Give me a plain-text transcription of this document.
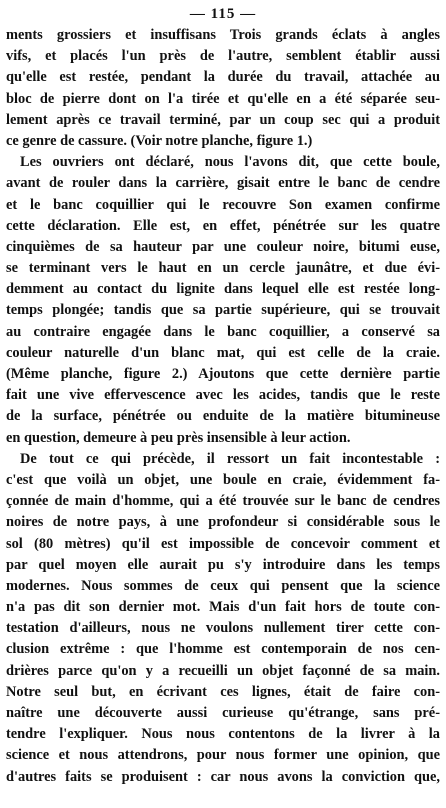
— 115 —
ments grossiers et insuffisans Trois grands éclats à angles
vifs, et placés l'un près de l'autre, semblent établir aussi
qu'elle est restée, pendant la durée du travail, attachée au
bloc de pierre dont on l'a tirée et qu'elle en a été séparée seu-
lement après ce travail terminé, par un coup sec qui a produit
ce genre de cassure. (Voir notre planche, figure 1.)
Les ouvriers ont déclaré, nous l'avons dit, que cette boule,
avant de rouler dans la carrière, gisait entre le banc de cendre
et le banc coquillier qui le recouvre Son examen confirme
cette déclaration. Elle est, en effet, pénétrée sur les quatre
cinquièmes de sa hauteur par une couleur noire, bitumi euse,
se terminant vers le haut en un cercle jaunâtre, et due évi-
demment au contact du lignite dans lequel elle est restée long-
temps plongée; tandis que sa partie supérieure, qui se trouvait
au contraire engagée dans le banc coquillier, a conservé sa
couleur naturelle d'un blanc mat, qui est celle de la craie.
(Même planche, figure 2.) Ajoutons que cette dernière partie
fait une vive effervescence avec les acides, tandis que le reste
de la surface, pénétrée ou enduite de la matière bitumineuse
en question, demeure à peu près insensible à leur action.
De tout ce qui précède, il ressort un fait incontestable :
c'est que voilà un objet, une boule en craie, évidemment fa-
çonnée de main d'homme, qui a été trouvée sur le banc de cendres
noires de notre pays, à une profondeur si considérable sous le
sol (80 mètres) qu'il est impossible de concevoir comment et
par quel moyen elle aurait pu s'y introduire dans les temps
modernes. Nous sommes de ceux qui pensent que la science
n'a pas dit son dernier mot. Mais d'un fait hors de toute con-
testation d'ailleurs, nous ne voulons nullement tirer cette con-
clusion extrême : que l'homme est contemporain de nos cen-
drières parce qu'on y a recueilli un objet façonné de sa main.
Notre seul but, en écrivant ces lignes, était de faire con-
naître une découverte aussi curieuse qu'étrange, sans pré-
tendre l'expliquer. Nous nous contentons de la livrer à la
science et nous attendrons, pour nous former une opinion, que
d'autres faits se produisent : car nous avons la conviction que,
